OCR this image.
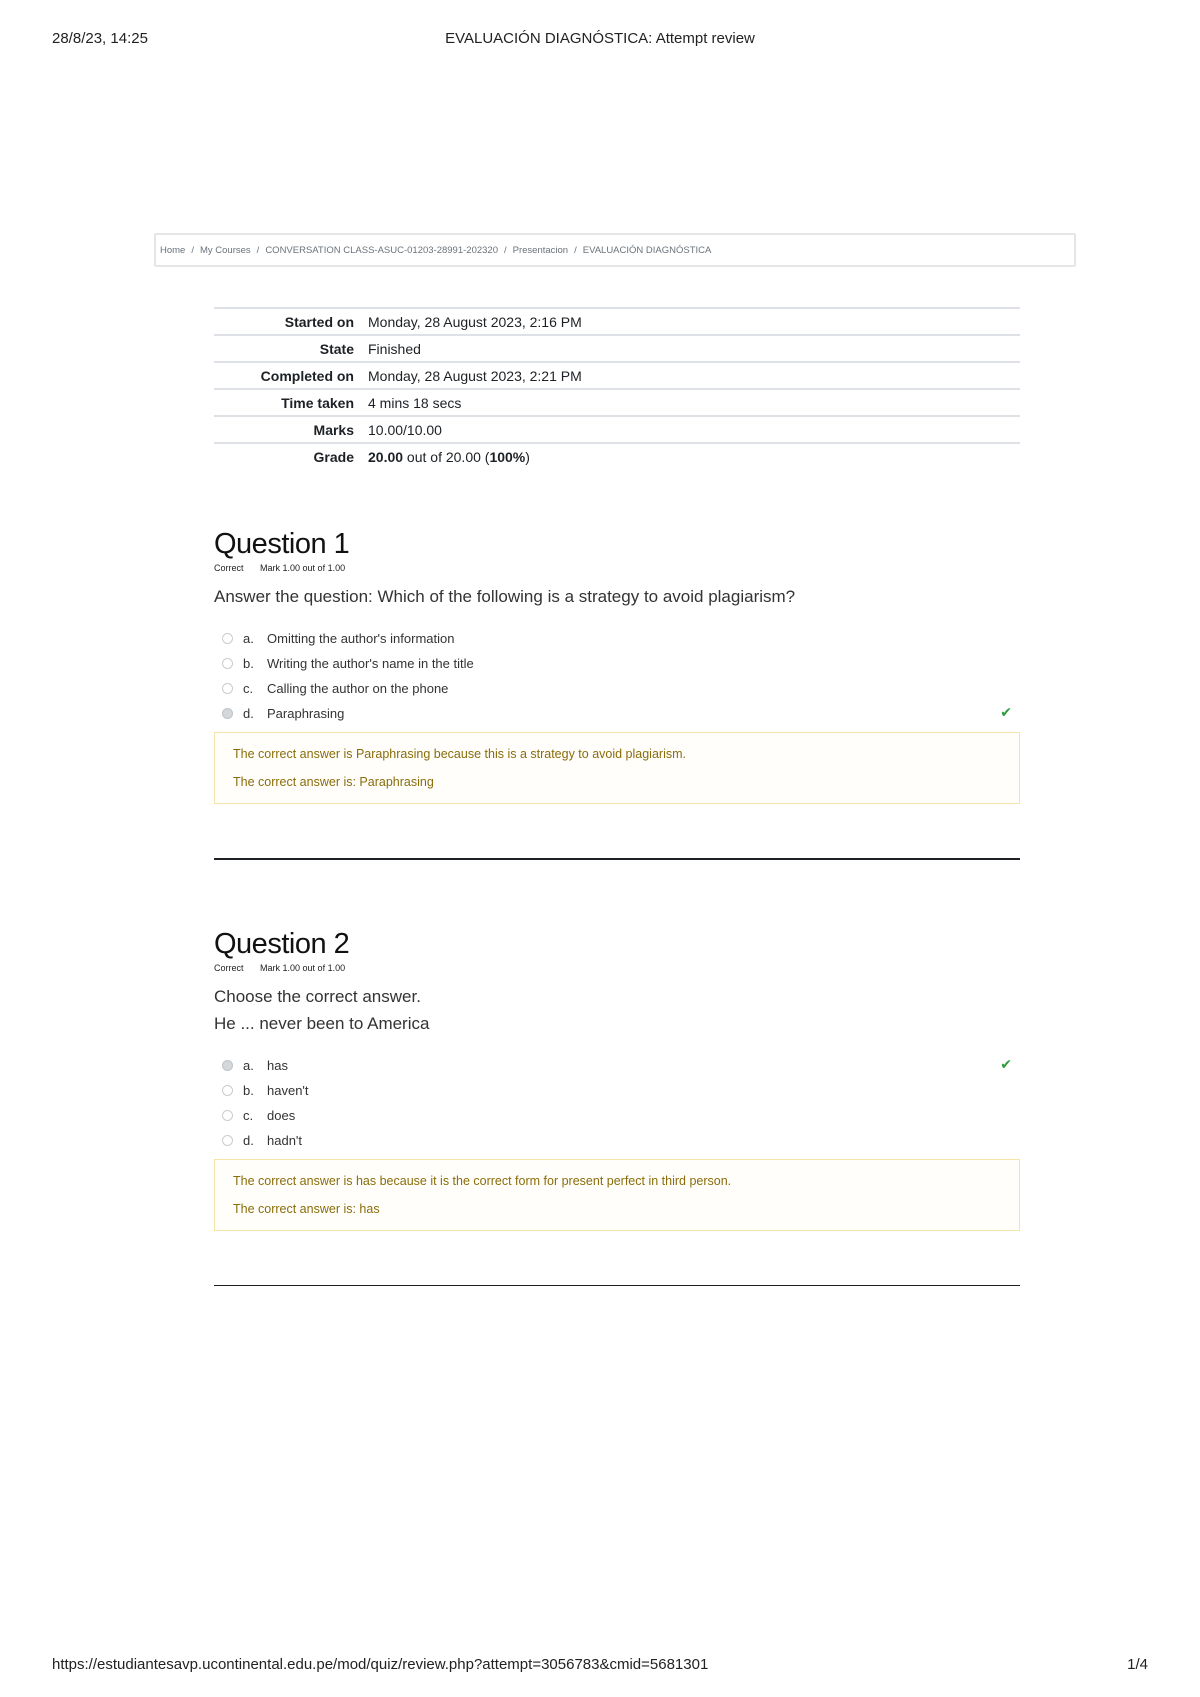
28/8/23, 14:25	EVALUACIÓN DIAGNÓSTICA: Attempt review
Home / My Courses / CONVERSATION CLASS-ASUC-01203-28991-202320 / Presentacion / EVALUACIÓN DIAGNÓSTICA
Started on	Monday, 28 August 2023, 2:16 PM
State	Finished
Completed on	Monday, 28 August 2023, 2:21 PM
Time taken	4 mins 18 secs
Marks	10.00/10.00
Grade	20.00 out of 20.00 (100%)
Question 1
Correct Mark 1.00 out of 1.00
Answer the question: Which of the following is a strategy to avoid plagiarism?
a.	Omitting the author's information
b.	Writing the author's name in the title
c.	Calling the author on the phone
d.	Paraphrasing	✔

The correct answer is Paraphrasing because this is a strategy to avoid plagiarism.

The correct answer is: Paraphrasing

Question 2
Correct Mark 1.00 out of 1.00
Choose the correct answer.
He ... never been to America
a.	has	✔
b.	haven't
c.	does
d.	hadn't

The correct answer is has because it is the correct form for present perfect in third person.

The correct answer is: has

https://estudiantesavp.ucontinental.edu.pe/mod/quiz/review.php?attempt=3056783&cmid=5681301	1/4
